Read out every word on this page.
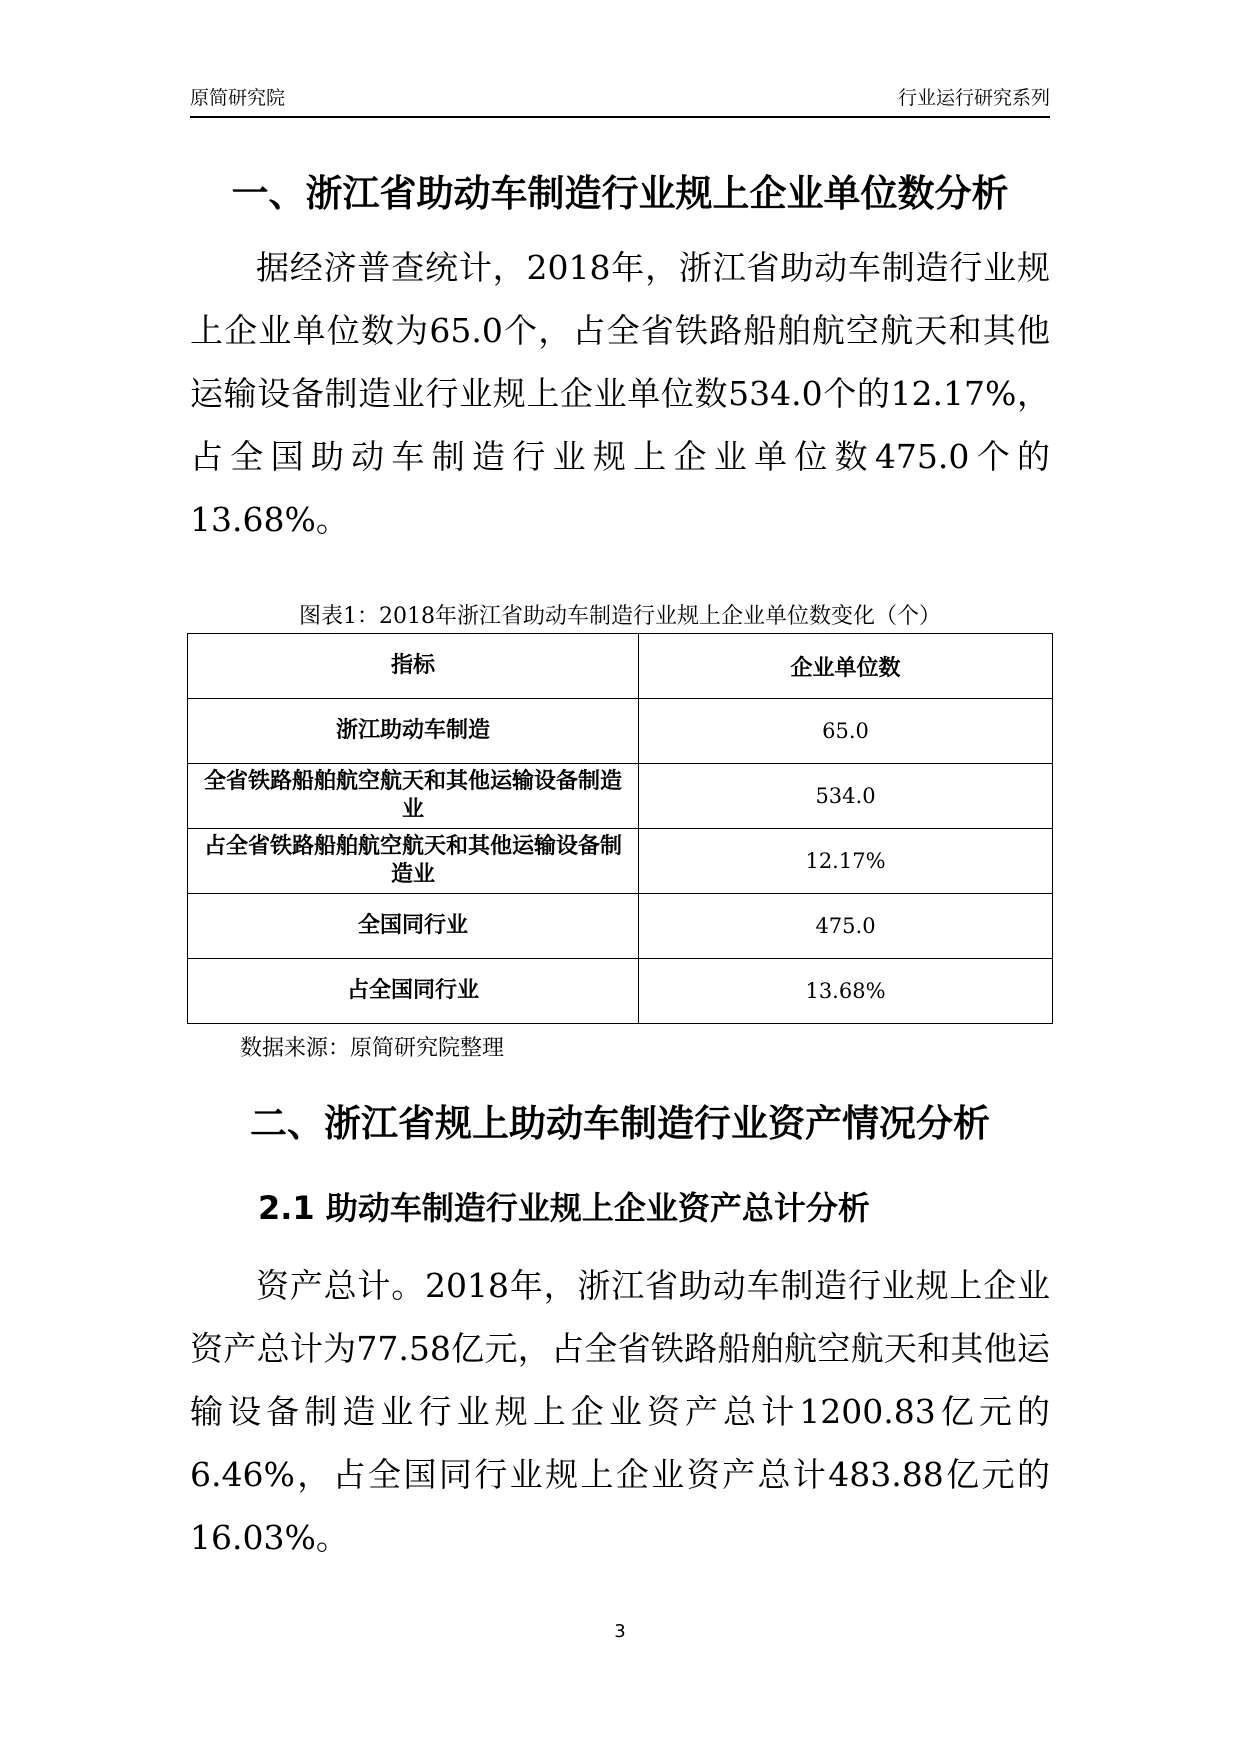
原简研究院	行业运行研究系列
一、浙江省助动车制造行业规上企业单位数分析

据经济普查统计，2018年，浙江省助动车制造行业规上企业单位数为65.0个，占全省铁路船舶航空航天和其他运输设备制造业行业规上企业单位数534.0个的12.17%，占全国助动车制造行业规上企业单位数475.0个的13.68%。

图表1：2018年浙江省助动车制造行业规上企业单位数变化（个）
指标	企业单位数
浙江助动车制造	65.0
全省铁路船舶航空航天和其他运输设备制造业	534.0
占全省铁路船舶航空航天和其他运输设备制造业	12.17%
全国同行业	475.0
占全国同行业	13.68%
数据来源：原简研究院整理
二、浙江省规上助动车制造行业资产情况分析
2.1 助动车制造行业规上企业资产总计分析

资产总计。2018年，浙江省助动车制造行业规上企业资产总计为77.58亿元，占全省铁路船舶航空航天和其他运输设备制造业行业规上企业资产总计1200.83亿元的6.46%，占全国同行业规上企业资产总计483.88亿元的16.03%。

3
